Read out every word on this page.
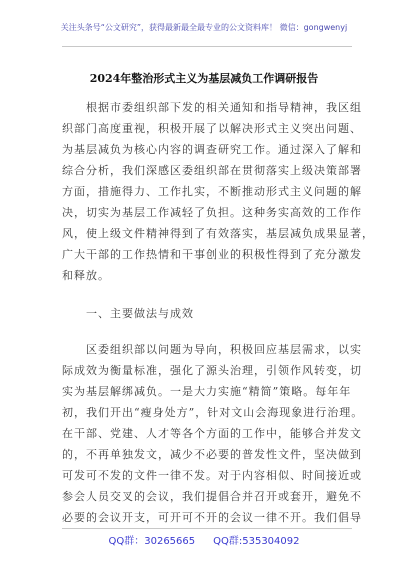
关注头条号“公文研究”，获得最新最全最专业的公文资料库！ 微信：gongwenyj
2024年整治形式主义为基层减负工作调研报告
根据市委组织部下发的相关通知和指导精神，我区组
织部门高度重视，积极开展了以解决形式主义突出问题、
为基层减负为核心内容的调查研究工作。通过深入了解和
综合分析，我们深感区委组织部在贯彻落实上级决策部署
方面，措施得力、工作扎实，不断推动形式主义问题的解
决，切实为基层工作减轻了负担。这种务实高效的工作作
风，使上级文件精神得到了有效落实，基层减负成果显著，
广大干部的工作热情和干事创业的积极性得到了充分激发
和释放。
一、主要做法与成效
区委组织部以问题为导向，积极回应基层需求，以实
际成效为衡量标准，强化了源头治理，引领作风转变，切
实为基层解绑减负。一是大力实施“精简”策略。每年年
初，我们开出“瘦身处方”，针对文山会海现象进行治理。
在干部、党建、人才等各个方面的工作中，能够合并发文
的，不再单独发文，减少不必要的普发性文件，坚决做到
可发可不发的文件一律不发。对于内容相似、时间接近或
参会人员交叉的会议，我们提倡合并召开或套开，避免不
必要的会议开支，可开可不开的会议一律不开。我们倡导
QQ群：30265665 QQ群:535304092
